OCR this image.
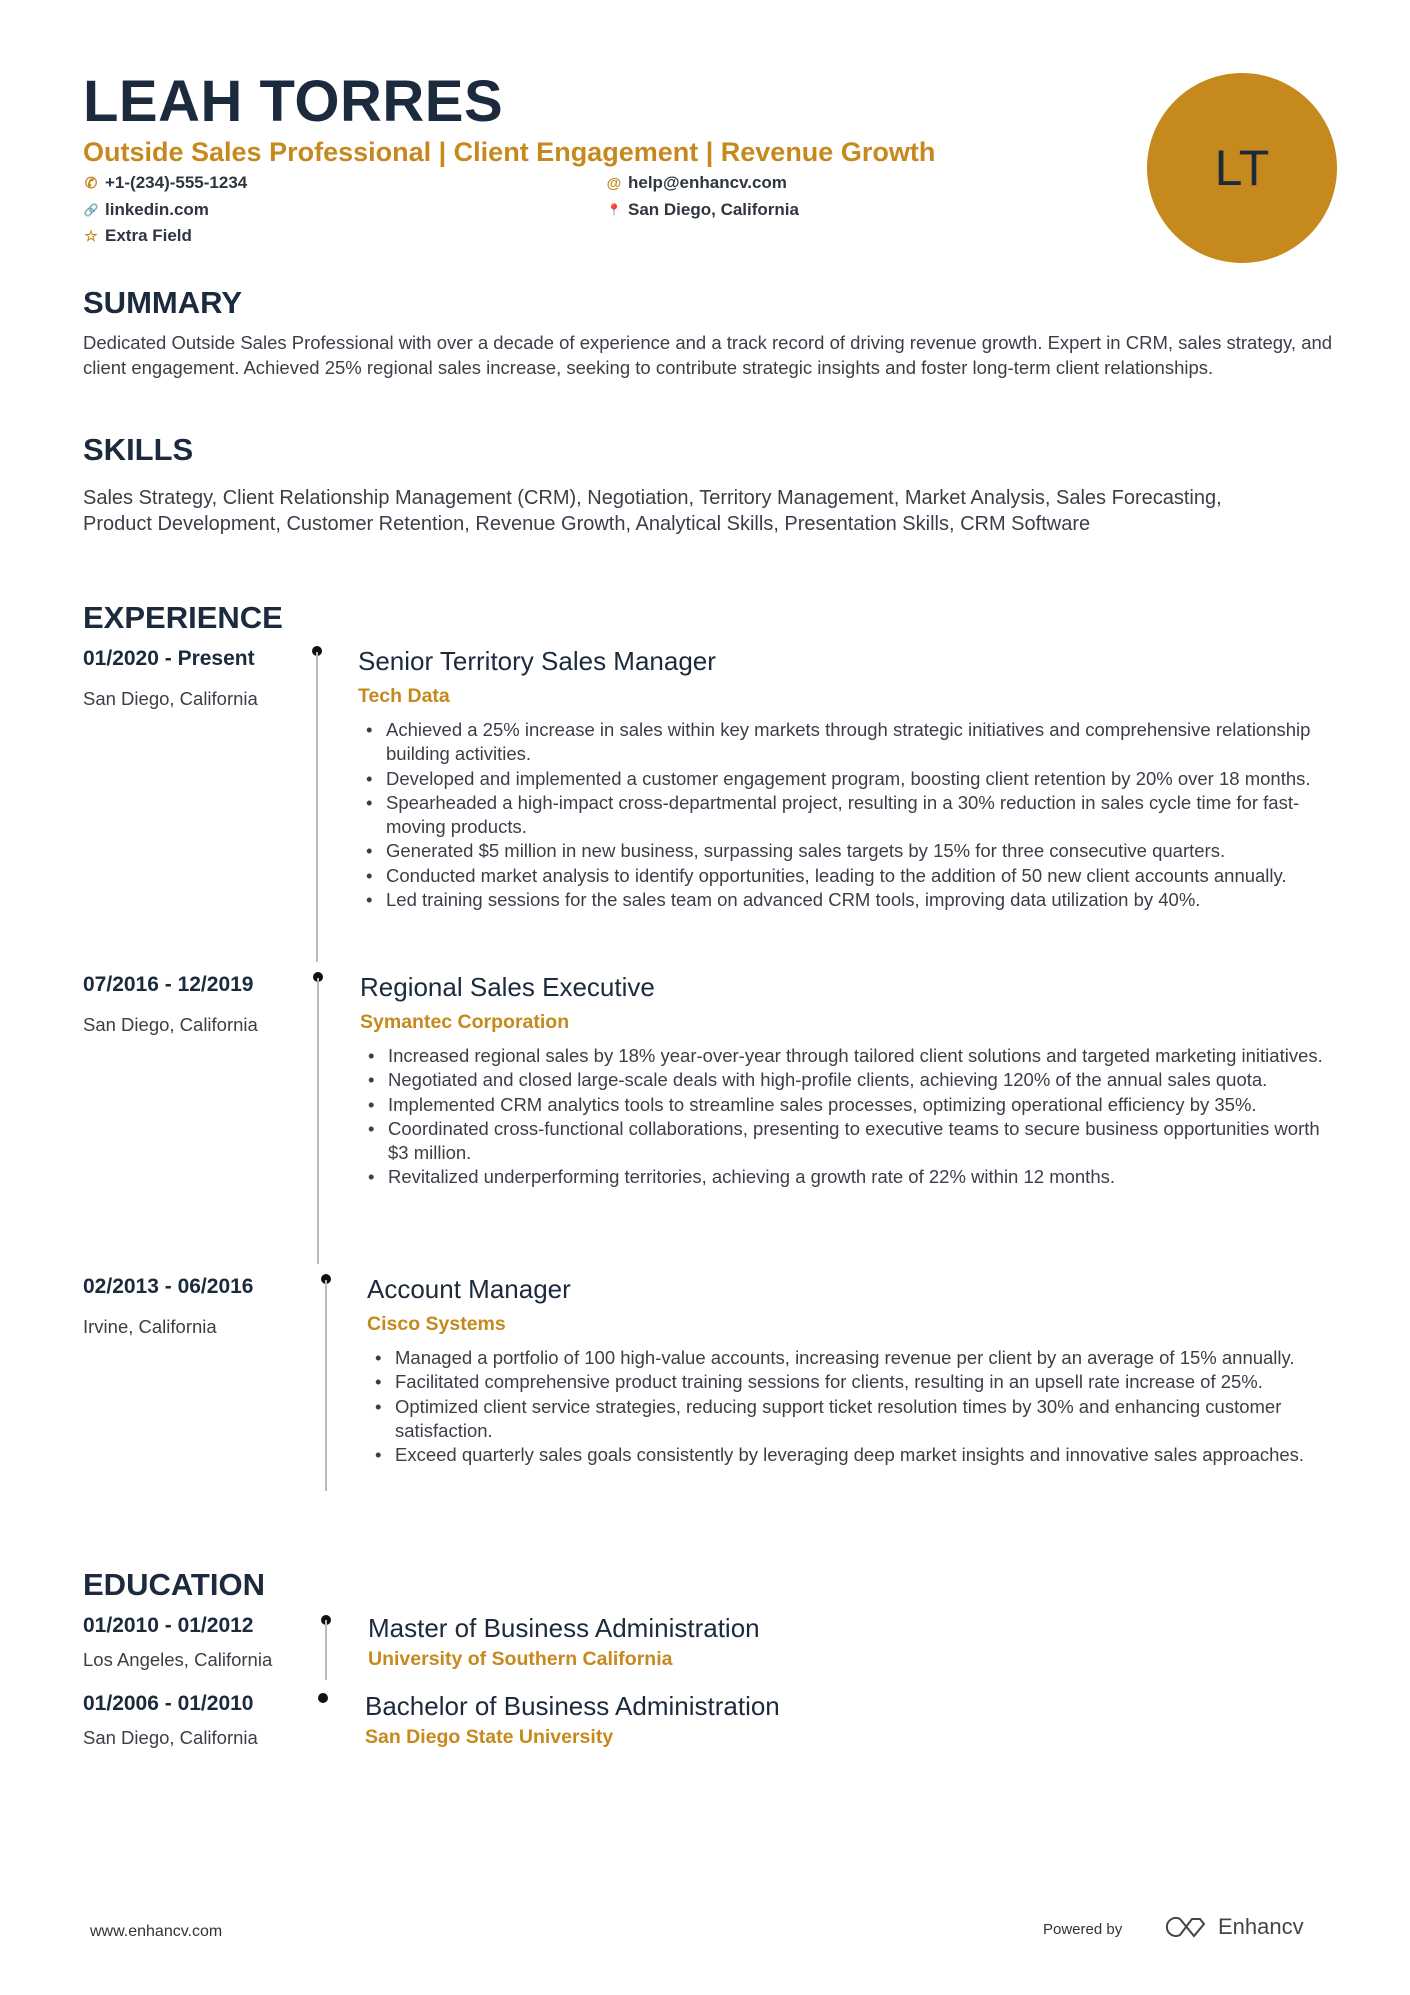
LEAH TORRES
Outside Sales Professional | Client Engagement | Revenue Growth
✆ +1-(234)-555-1234	@ help@enhancv.com
🔗 linkedin.com	📍 San Diego, California
☆ Extra Field
LT
SUMMARY
Dedicated Outside Sales Professional with over a decade of experience and a track record of driving revenue growth. Expert in CRM, sales strategy, and client engagement. Achieved 25% regional sales increase, seeking to contribute strategic insights and foster long-term client relationships.
SKILLS
Sales Strategy, Client Relationship Management (CRM), Negotiation, Territory Management, Market Analysis, Sales Forecasting, Product Development, Customer Retention, Revenue Growth, Analytical Skills, Presentation Skills, CRM Software
EXPERIENCE
01/2020 - Present
San Diego, California
Senior Territory Sales Manager
Tech Data
• Achieved a 25% increase in sales within key markets through strategic initiatives and comprehensive relationship building activities.
• Developed and implemented a customer engagement program, boosting client retention by 20% over 18 months.
• Spearheaded a high-impact cross-departmental project, resulting in a 30% reduction in sales cycle time for fast-moving products.
• Generated $5 million in new business, surpassing sales targets by 15% for three consecutive quarters.
• Conducted market analysis to identify opportunities, leading to the addition of 50 new client accounts annually.
• Led training sessions for the sales team on advanced CRM tools, improving data utilization by 40%.
07/2016 - 12/2019
San Diego, California
Regional Sales Executive
Symantec Corporation
• Increased regional sales by 18% year-over-year through tailored client solutions and targeted marketing initiatives.
• Negotiated and closed large-scale deals with high-profile clients, achieving 120% of the annual sales quota.
• Implemented CRM analytics tools to streamline sales processes, optimizing operational efficiency by 35%.
• Coordinated cross-functional collaborations, presenting to executive teams to secure business opportunities worth $3 million.
• Revitalized underperforming territories, achieving a growth rate of 22% within 12 months.
02/2013 - 06/2016
Irvine, California
Account Manager
Cisco Systems
• Managed a portfolio of 100 high-value accounts, increasing revenue per client by an average of 15% annually.
• Facilitated comprehensive product training sessions for clients, resulting in an upsell rate increase of 25%.
• Optimized client service strategies, reducing support ticket resolution times by 30% and enhancing customer satisfaction.
• Exceed quarterly sales goals consistently by leveraging deep market insights and innovative sales approaches.
EDUCATION
01/2010 - 01/2012
Los Angeles, California
Master of Business Administration
University of Southern California
01/2006 - 01/2010
San Diego, California
Bachelor of Business Administration
San Diego State University
www.enhancv.com	Powered by	Enhancv
